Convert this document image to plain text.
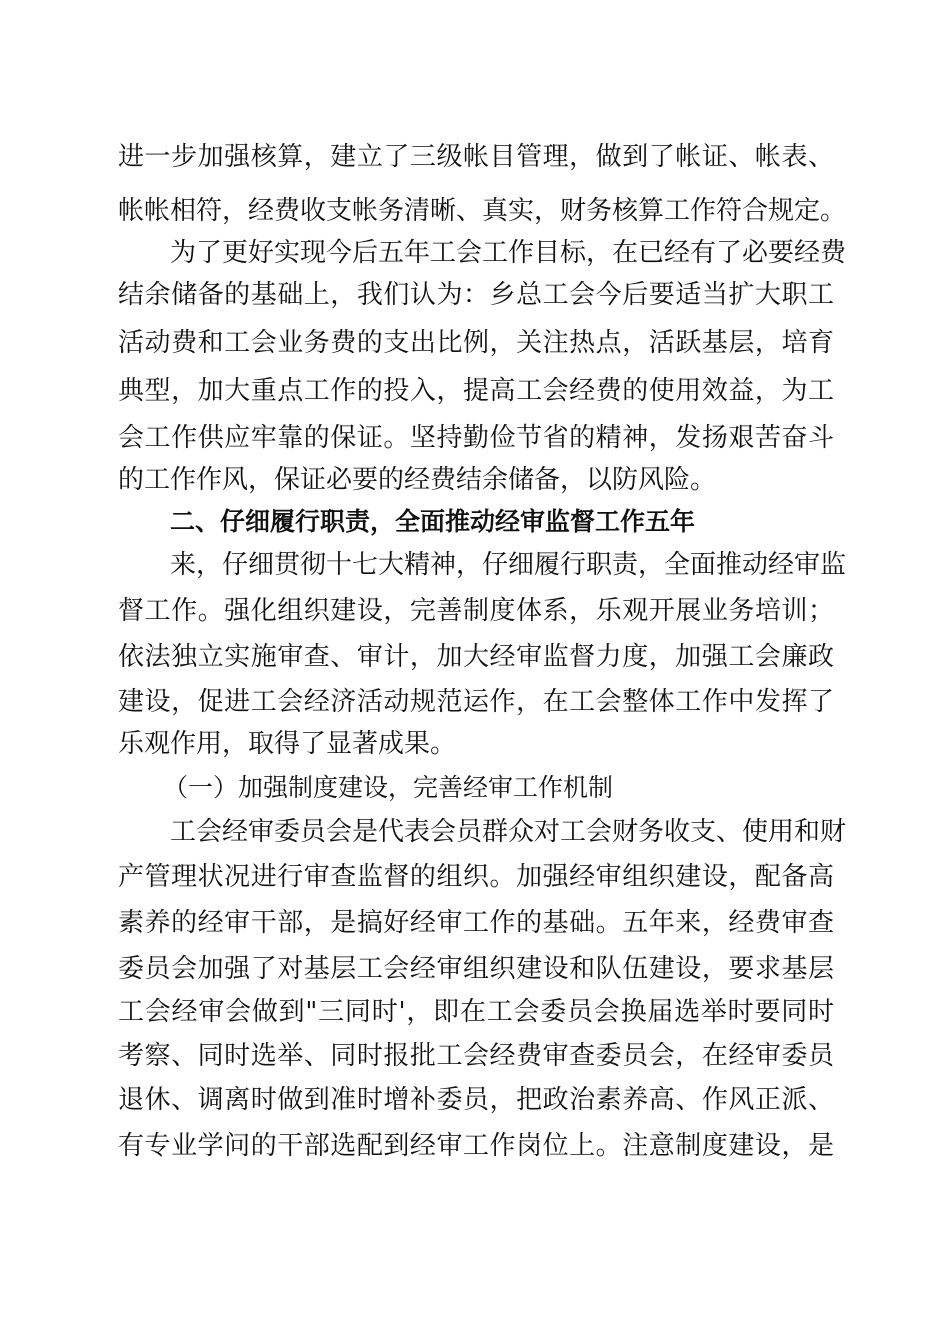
进一步加强核算，建立了三级帐目管理，做到了帐证、帐表、
帐帐相符，经费收支帐务清晰、真实，财务核算工作符合规定。
为了更好实现今后五年工会工作目标，在已经有了必要经费
结余储备的基础上，我们认为：乡总工会今后要适当扩大职工
活动费和工会业务费的支出比例，关注热点，活跃基层，培育
典型，加大重点工作的投入，提高工会经费的使用效益，为工
会工作供应牢靠的保证。坚持勤俭节省的精神，发扬艰苦奋斗
的工作作风，保证必要的经费结余储备，以防风险。
二、仔细履行职责，全面推动经审监督工作五年
来，仔细贯彻十七大精神，仔细履行职责，全面推动经审监
督工作。强化组织建设，完善制度体系，乐观开展业务培训；
依法独立实施审查、审计，加大经审监督力度，加强工会廉政
建设，促进工会经济活动规范运作，在工会整体工作中发挥了
乐观作用，取得了显著成果。
（一）加强制度建设，完善经审工作机制
工会经审委员会是代表会员群众对工会财务收支、使用和财
产管理状况进行审查监督的组织。加强经审组织建设，配备高
素养的经审干部，是搞好经审工作的基础。五年来，经费审查
委员会加强了对基层工会经审组织建设和队伍建设，要求基层
工会经审会做到"三同时'，即在工会委员会换届选举时要同时
考察、同时选举、同时报批工会经费审查委员会，在经审委员
退休、调离时做到准时增补委员，把政治素养高、作风正派、
有专业学问的干部选配到经审工作岗位上。注意制度建设，是
